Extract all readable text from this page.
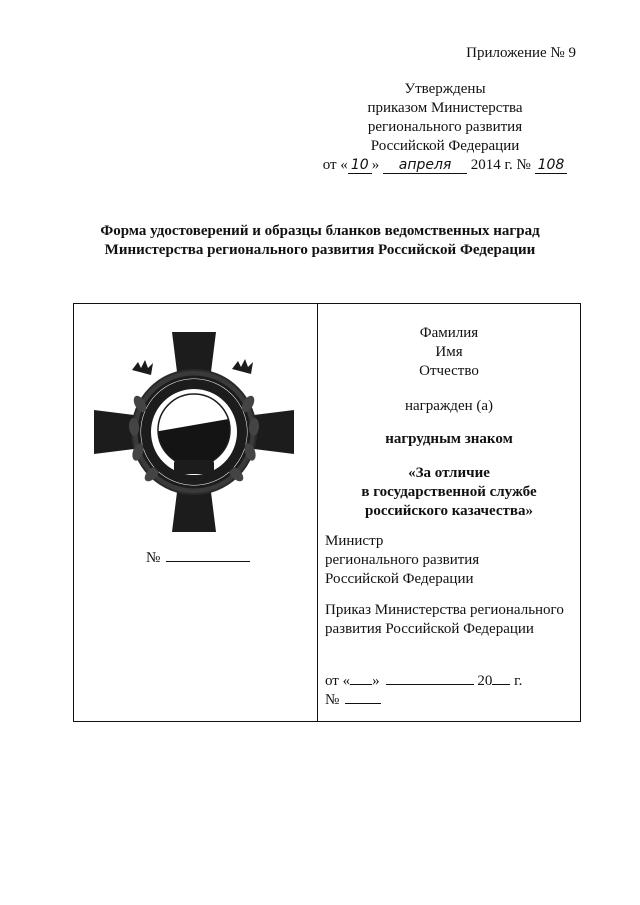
Приложение № 9
Утверждены
приказом Министерства
регионального развития
Российской Федерации
от « 10 » апреля 2014 г. № 108
Форма удостоверений и образцы бланков ведомственных наград
Министерства регионального развития Российской Федерации
№
Фамилия
Имя
Отчество
награжден (а)
нагрудным знаком
«За отличие
в государственной службе
российского казачества»
Министр
регионального развития
Российской Федерации
Приказ Министерства регионального
развития Российской Федерации
от « »	20 г.
№
